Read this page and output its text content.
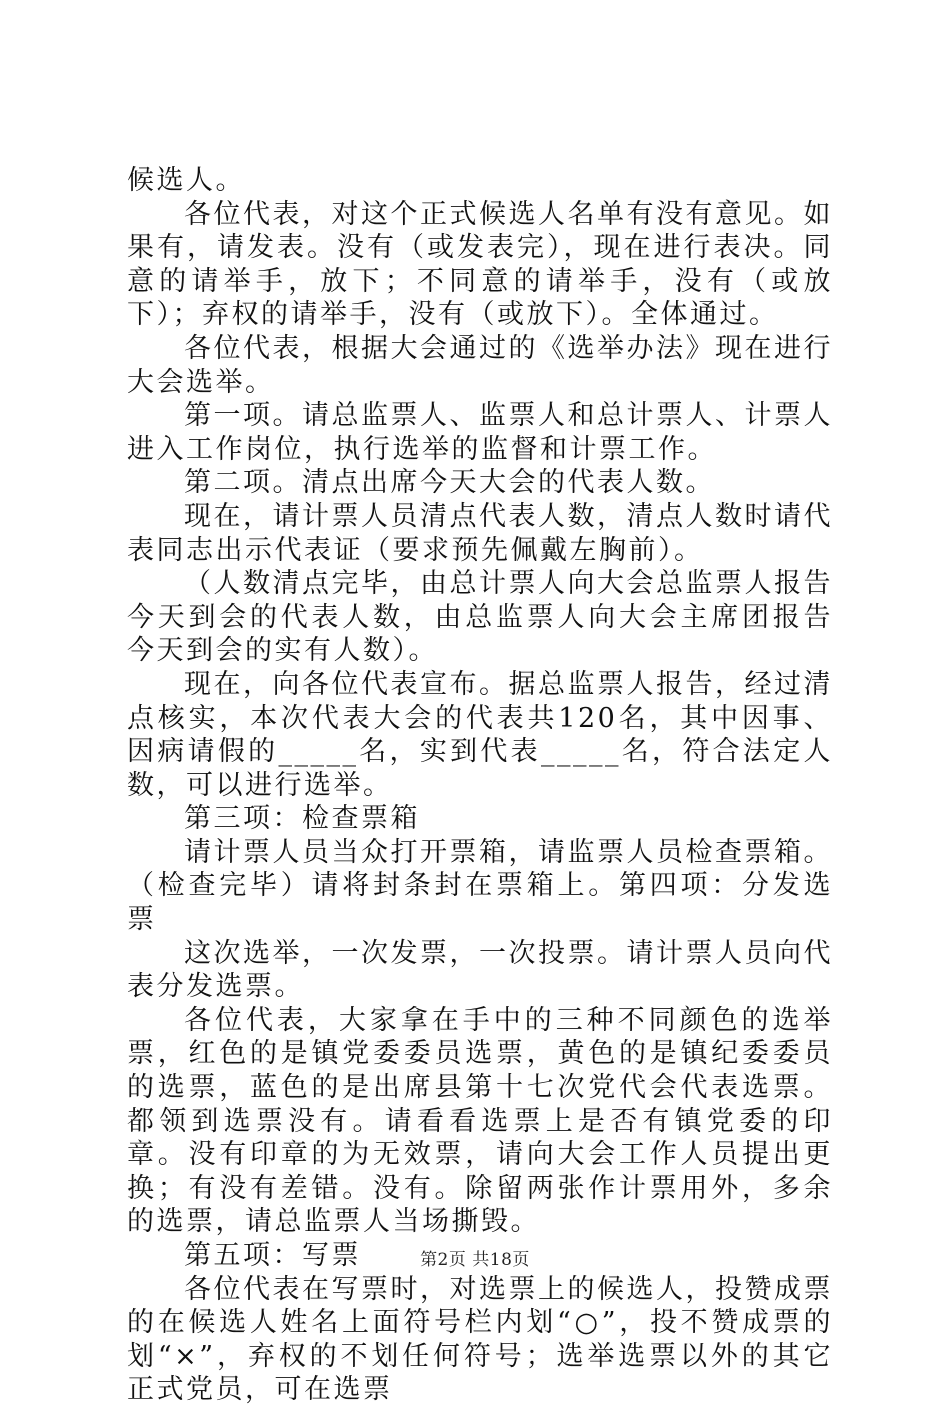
候选人。

各位代表，对这个正式候选人名单有没有意见。如果有，请发表。没有（或发表完），现在进行表决。同意的请举手，放下；不同意的请举手，没有（或放下）；弃权的请举手，没有（或放下）。全体通过。

各位代表，根据大会通过的《选举办法》现在进行大会选举。

第一项。请总监票人、监票人和总计票人、计票人进入工作岗位，执行选举的监督和计票工作。

第二项。清点出席今天大会的代表人数。

现在，请计票人员清点代表人数，清点人数时请代表同志出示代表证（要求预先佩戴左胸前）。

（人数清点完毕，由总计票人向大会总监票人报告今天到会的代表人数，由总监票人向大会主席团报告今天到会的实有人数）。

现在，向各位代表宣布。据总监票人报告，经过清点核实，本次代表大会的代表共120名，其中因事、因病请假的_____名，实到代表_____名，符合法定人数，可以进行选举。

第三项：检查票箱

请计票人员当众打开票箱，请监票人员检查票箱。（检查完毕）请将封条封在票箱上。第四项：分发选票

这次选举，一次发票，一次投票。请计票人员向代表分发选票。

各位代表，大家拿在手中的三种不同颜色的选举票，红色的是镇党委委员选票，黄色的是镇纪委委员的选票，蓝色的是出席县第十七次党代会代表选票。都领到选票没有。请看看选票上是否有镇党委的印章。没有印章的为无效票，请向大会工作人员提出更换；有没有差错。没有。除留两张作计票用外，多余的选票，请总监票人当场撕毁。

第五项：写票

各位代表在写票时，对选票上的候选人，投赞成票的在候选人姓名上面符号栏内划“○”，投不赞成票的划“×”，弃权的不划任何符号；选举选票以外的其它正式党员，可在选票

第2页 共18页
